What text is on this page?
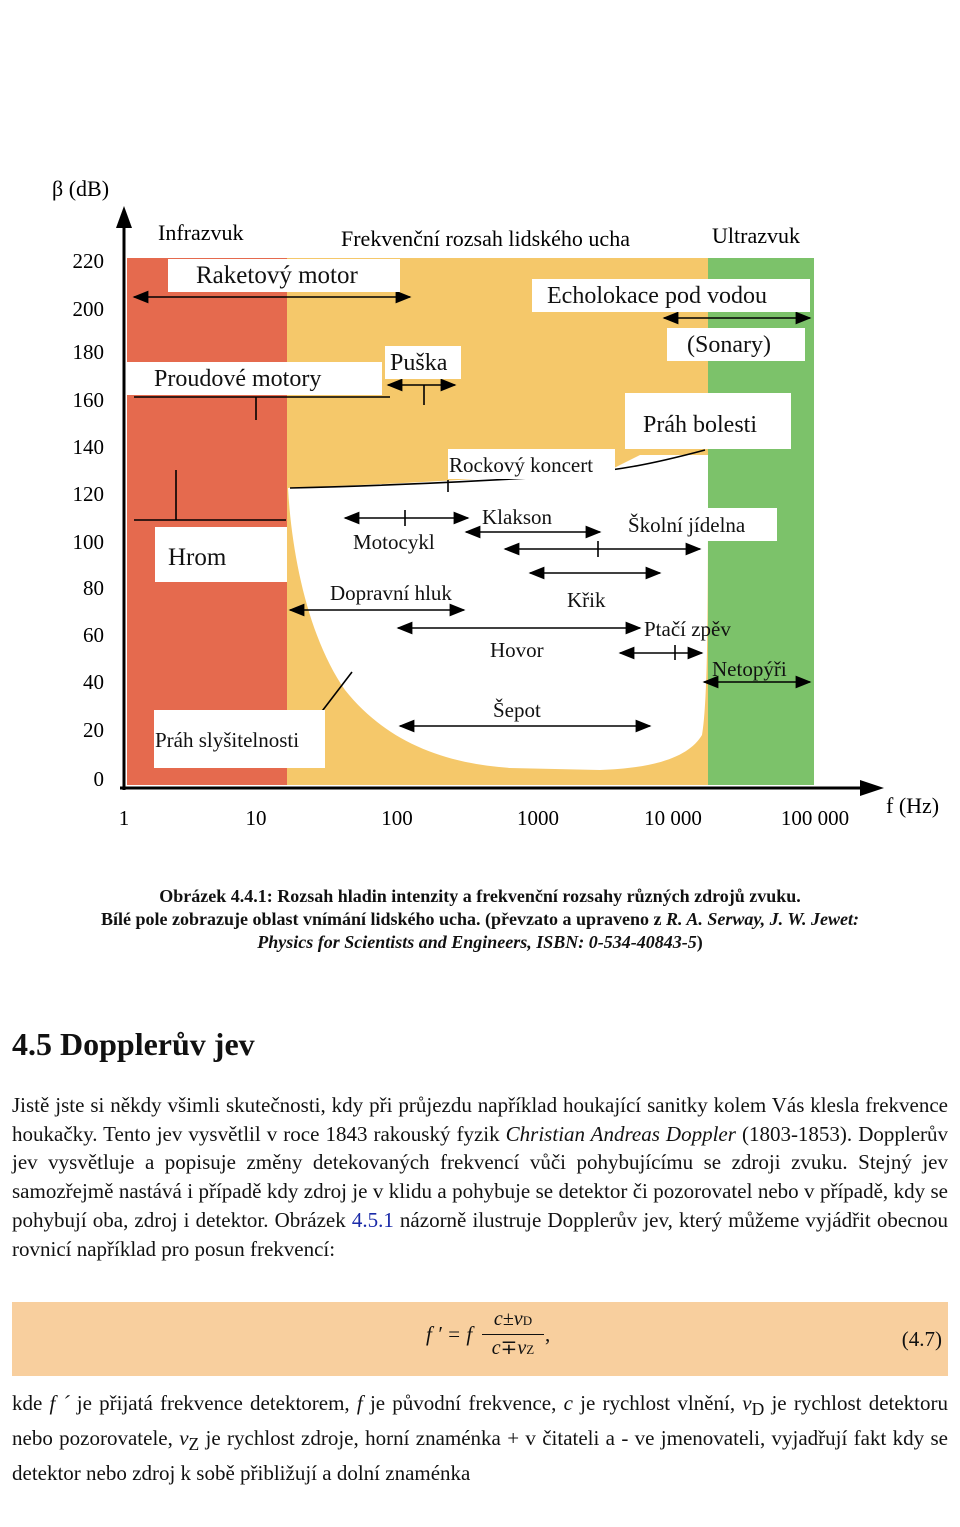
β (dB)
f (Hz)
220
200
180
160
140
120
100
80
60
40
20
0
1	10	100	1000	10 000	100 000
Infrazvuk	Frekvenční rozsah lidského ucha	Ultrazvuk
Raketový motor
Echolokace pod vodou
(Sonary)
Proudové motory
Puška
Práh bolesti
Rockový koncert
Motocykl
Klakson	Školní jídelna
Hrom
Dopravní hluk	Křik
Ptačí zpěv
Hovor
Netopýři
Šepot
Práh slyšitelnosti
Obrázek 4.4.1: Rozsah hladin intenzity a frekvenční rozsahy různých zdrojů zvuku.
Bílé pole zobrazuje oblast vnímání lidského ucha. (převzato a upraveno z R. A. Serway, J. W. Jewet:
Physics for Scientists and Engineers, ISBN: 0-534-40843-5)
4.5 Dopplerův jev

Jistě jste si někdy všimli skutečnosti, kdy při průjezdu například houkající sanitky kolem Vás klesla frekvence houkačky. Tento jev vysvětlil v roce 1843 rakouský fyzik Christian Andreas Doppler (1803-1853). Dopplerův jev vysvětluje a popisuje změny detekovaných frekvencí vůči pohybujícímu se zdroji zvuku. Stejný jev samozřejmě nastává i případě kdy zdroj je v klidu a pohybuje se detektor či pozorovatel nebo v případě, kdy se pohybují oba, zdroj i detektor. Obrázek 4.5.1 názorně ilustruje Dopplerův jev, který můžeme vyjádřit obecnou rovnicí například pro posun frekvencí:

f ′ = f $\frac{c\pm vD}{c\mp vZ}$ ,	(4.7)

kde f ´ je přijatá frekvence detektorem, f je původní frekvence, c je rychlost vlnění, $v_D$ je rychlost detektoru nebo pozorovatele, $v_Z$ je rychlost zdroje, horní znaménka + v čitateli a - ve jmenovateli, vyjadřují fakt kdy se detektor nebo zdroj k sobě přibližují a dolní znaménka
